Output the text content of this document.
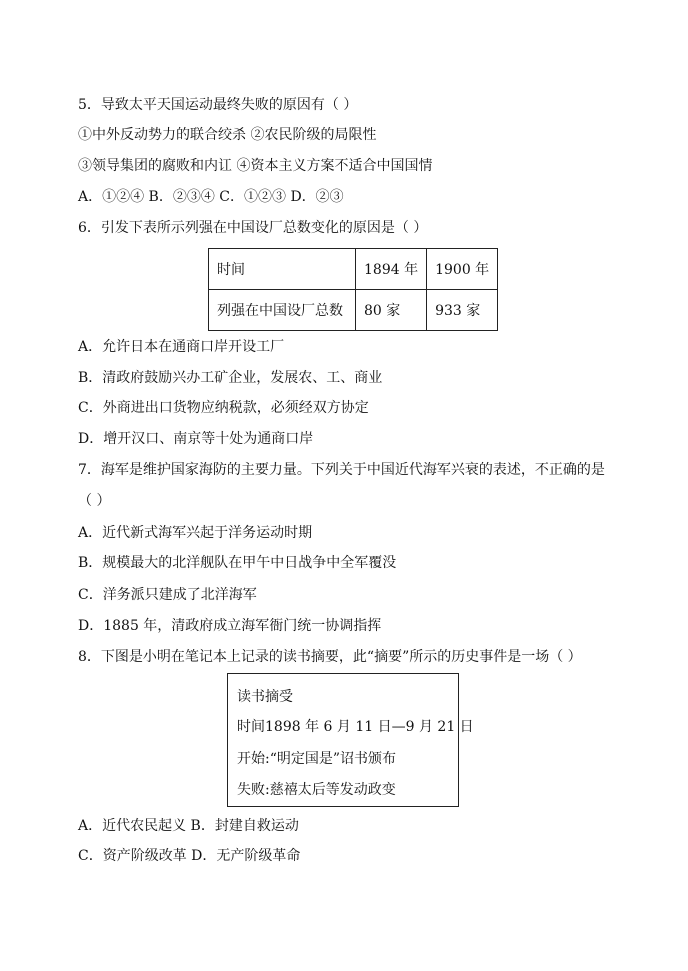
5．导致太平天国运动最终失败的原因有（ ）
①中外反动势力的联合绞杀 ②农民阶级的局限性
③领导集团的腐败和内讧 ④资本主义方案不适合中国国情
A．①②④ B．②③④ C．①②③ D．②③
6．引发下表所示列强在中国设厂总数变化的原因是（ ）
时间	1894 年	1900 年
列强在中国设厂总数	80 家	933 家
A．允许日本在通商口岸开设工厂
B．清政府鼓励兴办工矿企业，发展农、工、商业
C．外商进出口货物应纳税款，必须经双方协定
D．增开汉口、南京等十处为通商口岸
7．海军是维护国家海防的主要力量。下列关于中国近代海军兴衰的表述，不正确的是
（ ）
A．近代新式海军兴起于洋务运动时期
B．规模最大的北洋舰队在甲午中日战争中全军覆没
C．洋务派只建成了北洋海军
D．1885 年，清政府成立海军衙门统一协调指挥
8．下图是小明在笔记本上记录的读书摘要，此“摘要”所示的历史事件是一场（ ）
读书摘受
时间1898 年 6 月 11 日—9 月 21 日
开始:“明定国是”诏书颁布
失败:慈禧太后等发动政变
A．近代农民起义 B．封建自救运动
C．资产阶级改革 D．无产阶级革命
